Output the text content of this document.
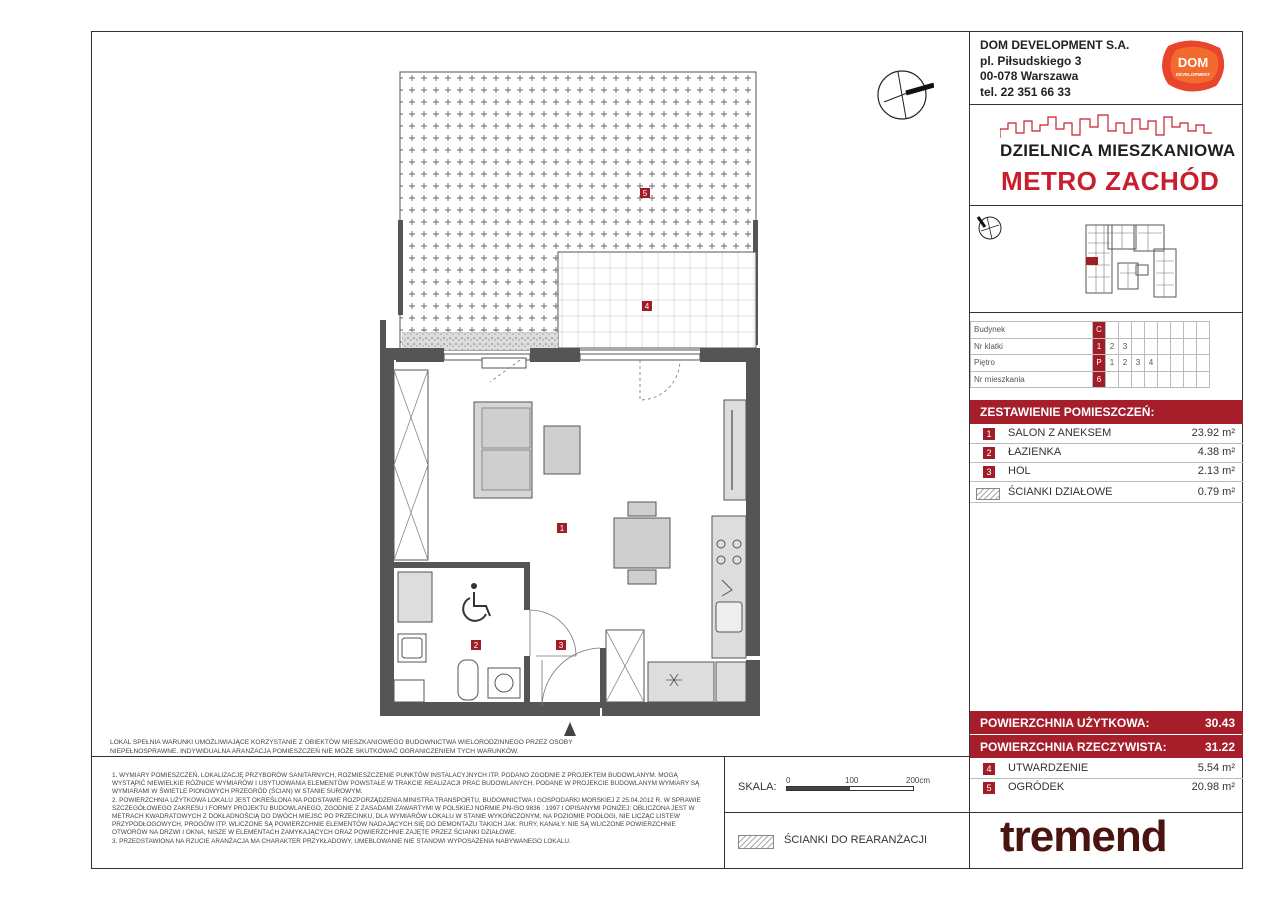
DOM DEVELOPMENT S.A.
pl. Piłsudskiego 3
00-078 Warszawa
tel. 22 351 66 33
DOM
DEVELOPMENT
DZIELNICA MIESZKANIOWA
METRO ZACHÓD
Budynek	C								
Nr klatki	1	2	3						
Piętro	P	1	2	3	4				
Nr mieszkania	6								
ZESTAWIENIE POMIESZCZEŃ:
1	SALON Z ANEKSEM	23.92 m²
2	ŁAZIENKA	4.38 m²
3	HOL	2.13 m²
ŚCIANKI DZIAŁOWE	0.79 m²
POWIERZCHNIA UŻYTKOWA:	30.43
POWIERZCHNIA RZECZYWISTA:	31.22
4	UTWARDZENIE	5.54 m²
5	OGRÓDEK	20.98 m²
5
4
1
2	3
LOKAL SPEŁNIA WARUNKI UMOŻLIWIAJĄCE KORZYSTANIE Z OBIEKTÓW MIESZKANIOWEGO BUDOWNICTWA WIELORODZINNEGO PRZEZ OSOBY NIEPEŁNOSPRAWNE. INDYWIDUALNA ARANŻACJA POMIESZCZEŃ NIE MOŻE SKUTKOWAĆ OGRANICZENIEM TYCH WARUNKÓW.
1. WYMIARY POMIESZCZEŃ, LOKALIZACJĘ PRZYBORÓW SANITARNYCH, ROZMIESZCZENIE PUNKTÓW INSTALACYJNYCH ITP. PODANO ZGODNIE Z PROJEKTEM BUDOWLANYM. MOGĄ WYSTĄPIĆ NIEWIELKIE RÓŻNICE WYMIARÓW I USYTUOWANIA ELEMENTÓW POWSTAŁE W TRAKCIE REALIZACJI PRAC BUDOWLANYCH. PODANE W PROJEKCIE BUDOWLANYM WYMIARY SĄ WYMIARAMI W ŚWIETLE PIONOWYCH PRZEGRÓD (ŚCIAN) W STANIE SUROWYM.
2. POWIERZCHNIA UŻYTKOWA LOKALU JEST OKREŚLONA NA PODSTAWIE ROZPORZĄDZENIA MINISTRA TRANSPORTU, BUDOWNICTWA I GOSPODARKI MORSKIEJ Z 25.04.2012 R. W SPRAWIE SZCZEGÓŁOWEGO ZAKRESU I FORMY PROJEKTU BUDOWLANEGO, ZGODNIE Z ZASADAMI ZAWARTYMI W POLSKIEJ NORMIE PN-ISO 9836 : 1997 I OPISANYMI PONIŻEJ: OBLICZONA JEST W METRACH KWADRATOWYCH Z DOKŁADNOŚCIĄ DO DWÓCH MIEJSC PO PRZECINKU, DLA WYMIARÓW LOKALU W STANIE WYKOŃCZONYM, NA POZIOMIE PODŁOGI, NIE LICZĄC LISTEW PRZYPODŁOGOWYCH, PROGÓW ITP. WLICZONE SĄ POWIERZCHNIE ELEMENTÓW NADAJĄCYCH SIĘ DO DEMONTAŻU TAKICH JAK: RURY, KANAŁY. NIE SĄ WLICZONE POWIERZCHNIE OTWORÓW NA DRZWI I OKNA, NISZE W ELEMENTACH ZAMYKAJĄCYCH ORAZ POWIERZCHNIE ZAJĘTE PRZEZ ŚCIANKI DZIAŁOWE.
3. PRZEDSTAWIONA NA RZUCIE ARANŻACJA MA CHARAKTER PRZYKŁADOWY, UMEBLOWANIE NIE STANOWI WYPOSAŻENIA NABYWANEGO LOKALU.
SKALA:
0	100	200cm
ŚCIANKI DO REARANŻACJI tremend
